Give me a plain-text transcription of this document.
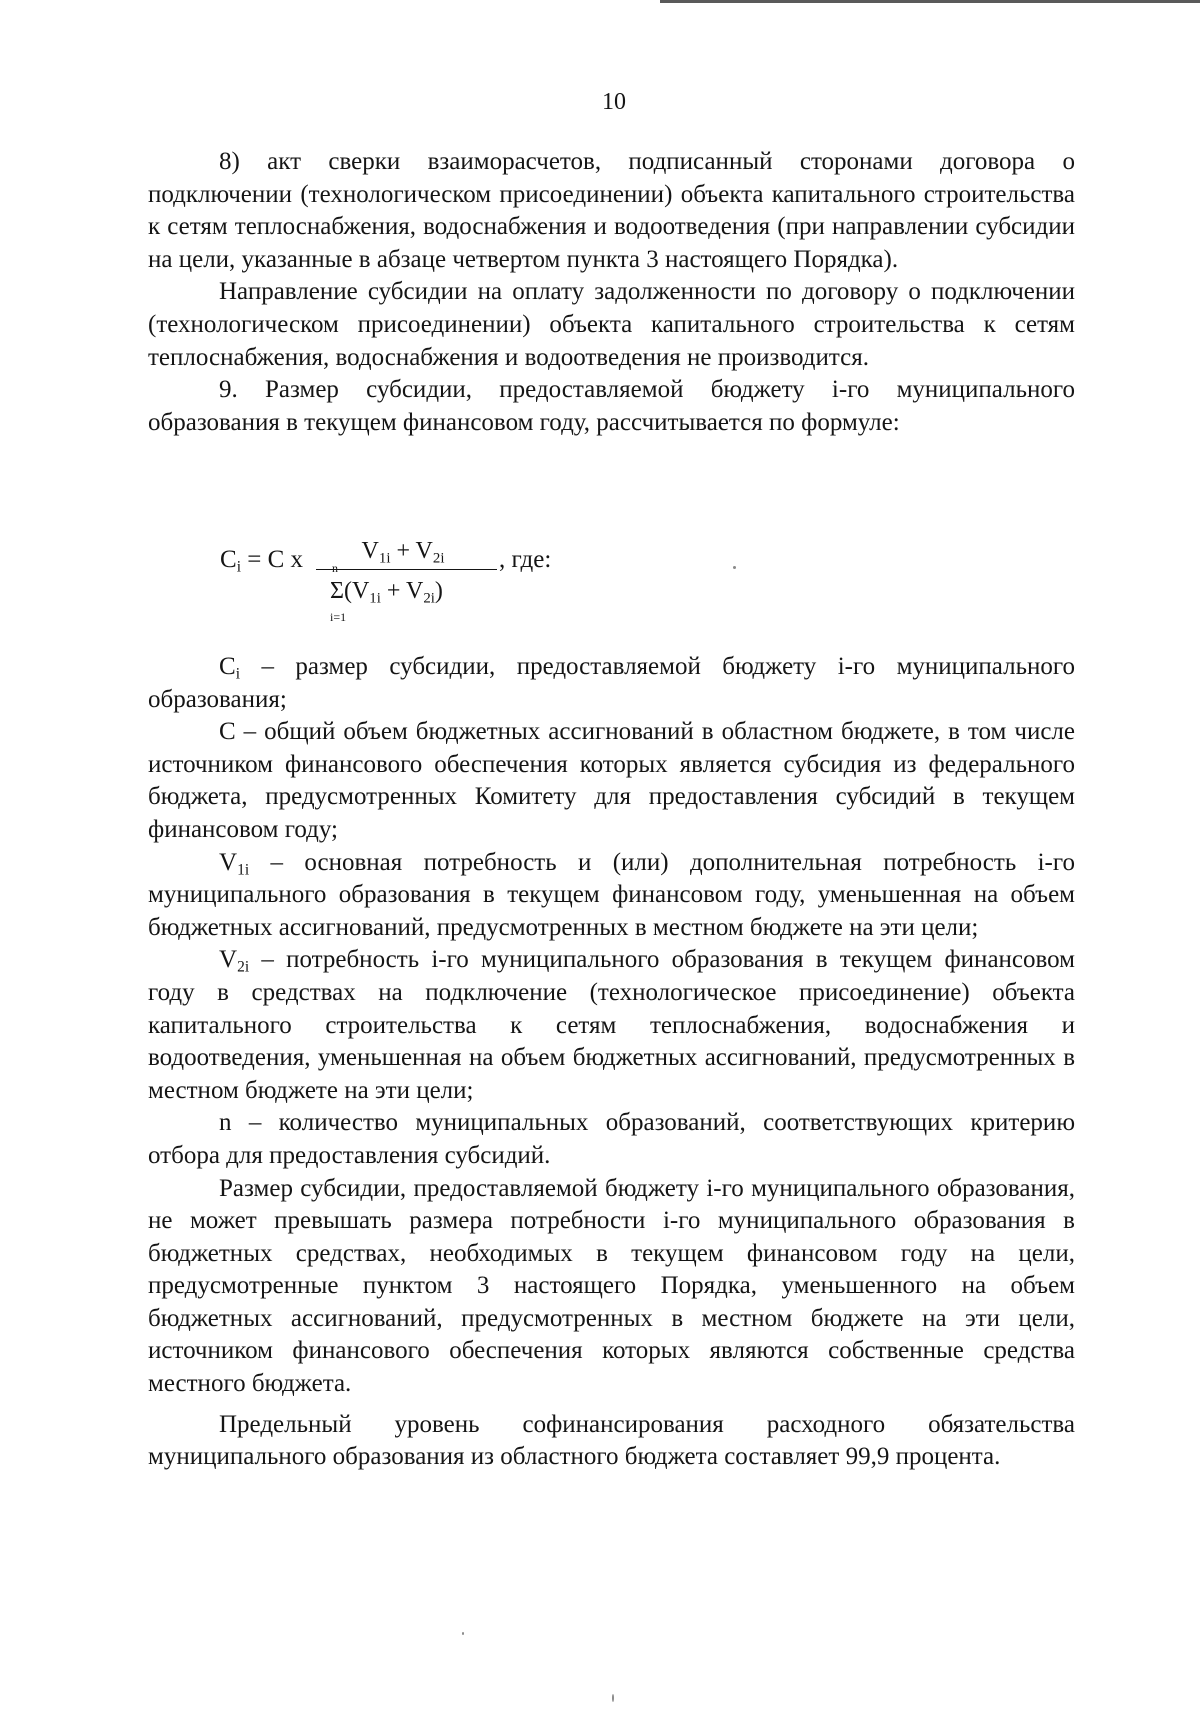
10

8) акт сверки взаиморасчетов, подписанный сторонами договора о подключении (технологическом присоединении) объекта капитального строительства к сетям теплоснабжения, водоснабжения и водоотведения (при направлении субсидии на цели, указанные в абзаце четвертом пункта 3 настоящего Порядка).

Направление субсидии на оплату задолженности по договору о подключении (технологическом присоединении) объекта капитального строительства к сетям теплоснабжения, водоснабжения и водоотведения не производится.

9. Размер субсидии, предоставляемой бюджету i-го муниципального образования в текущем финансовом году, рассчитывается по формуле:

$C_i = C$ x	$V_{1i} + V_{2i}$
n
$\Sigma(V_{1i} + V_{2i})$
i=1
, где:

$C_i$ – размер субсидии, предоставляемой бюджету i-го муниципального образования;

С – общий объем бюджетных ассигнований в областном бюджете, в том числе источником финансового обеспечения которых является субсидия из федерального бюджета, предусмотренных Комитету для предоставления субсидий в текущем финансовом году;

$V_{1i}$ – основная потребность и (или) дополнительная потребность i-го муниципального образования в текущем финансовом году, уменьшенная на объем бюджетных ассигнований, предусмотренных в местном бюджете на эти цели;

$V_{2i}$ – потребность i-го муниципального образования в текущем финансовом году в средствах на подключение (технологическое присоединение) объекта капитального строительства к сетям теплоснабжения, водоснабжения и водоотведения, уменьшенная на объем бюджетных ассигнований, предусмотренных в местном бюджете на эти цели;

n – количество муниципальных образований, соответствующих критерию отбора для предоставления субсидий.

Размер субсидии, предоставляемой бюджету i-го муниципального образования, не может превышать размера потребности i-го муниципального образования в бюджетных средствах, необходимых в текущем финансовом году на цели, предусмотренные пунктом 3 настоящего Порядка, уменьшенного на объем бюджетных ассигнований, предусмотренных в местном бюджете на эти цели, источником финансового обеспечения которых являются собственные средства местного бюджета.

Предельный уровень софинансирования расходного обязательства муниципального образования из областного бюджета составляет 99,9 процента.
